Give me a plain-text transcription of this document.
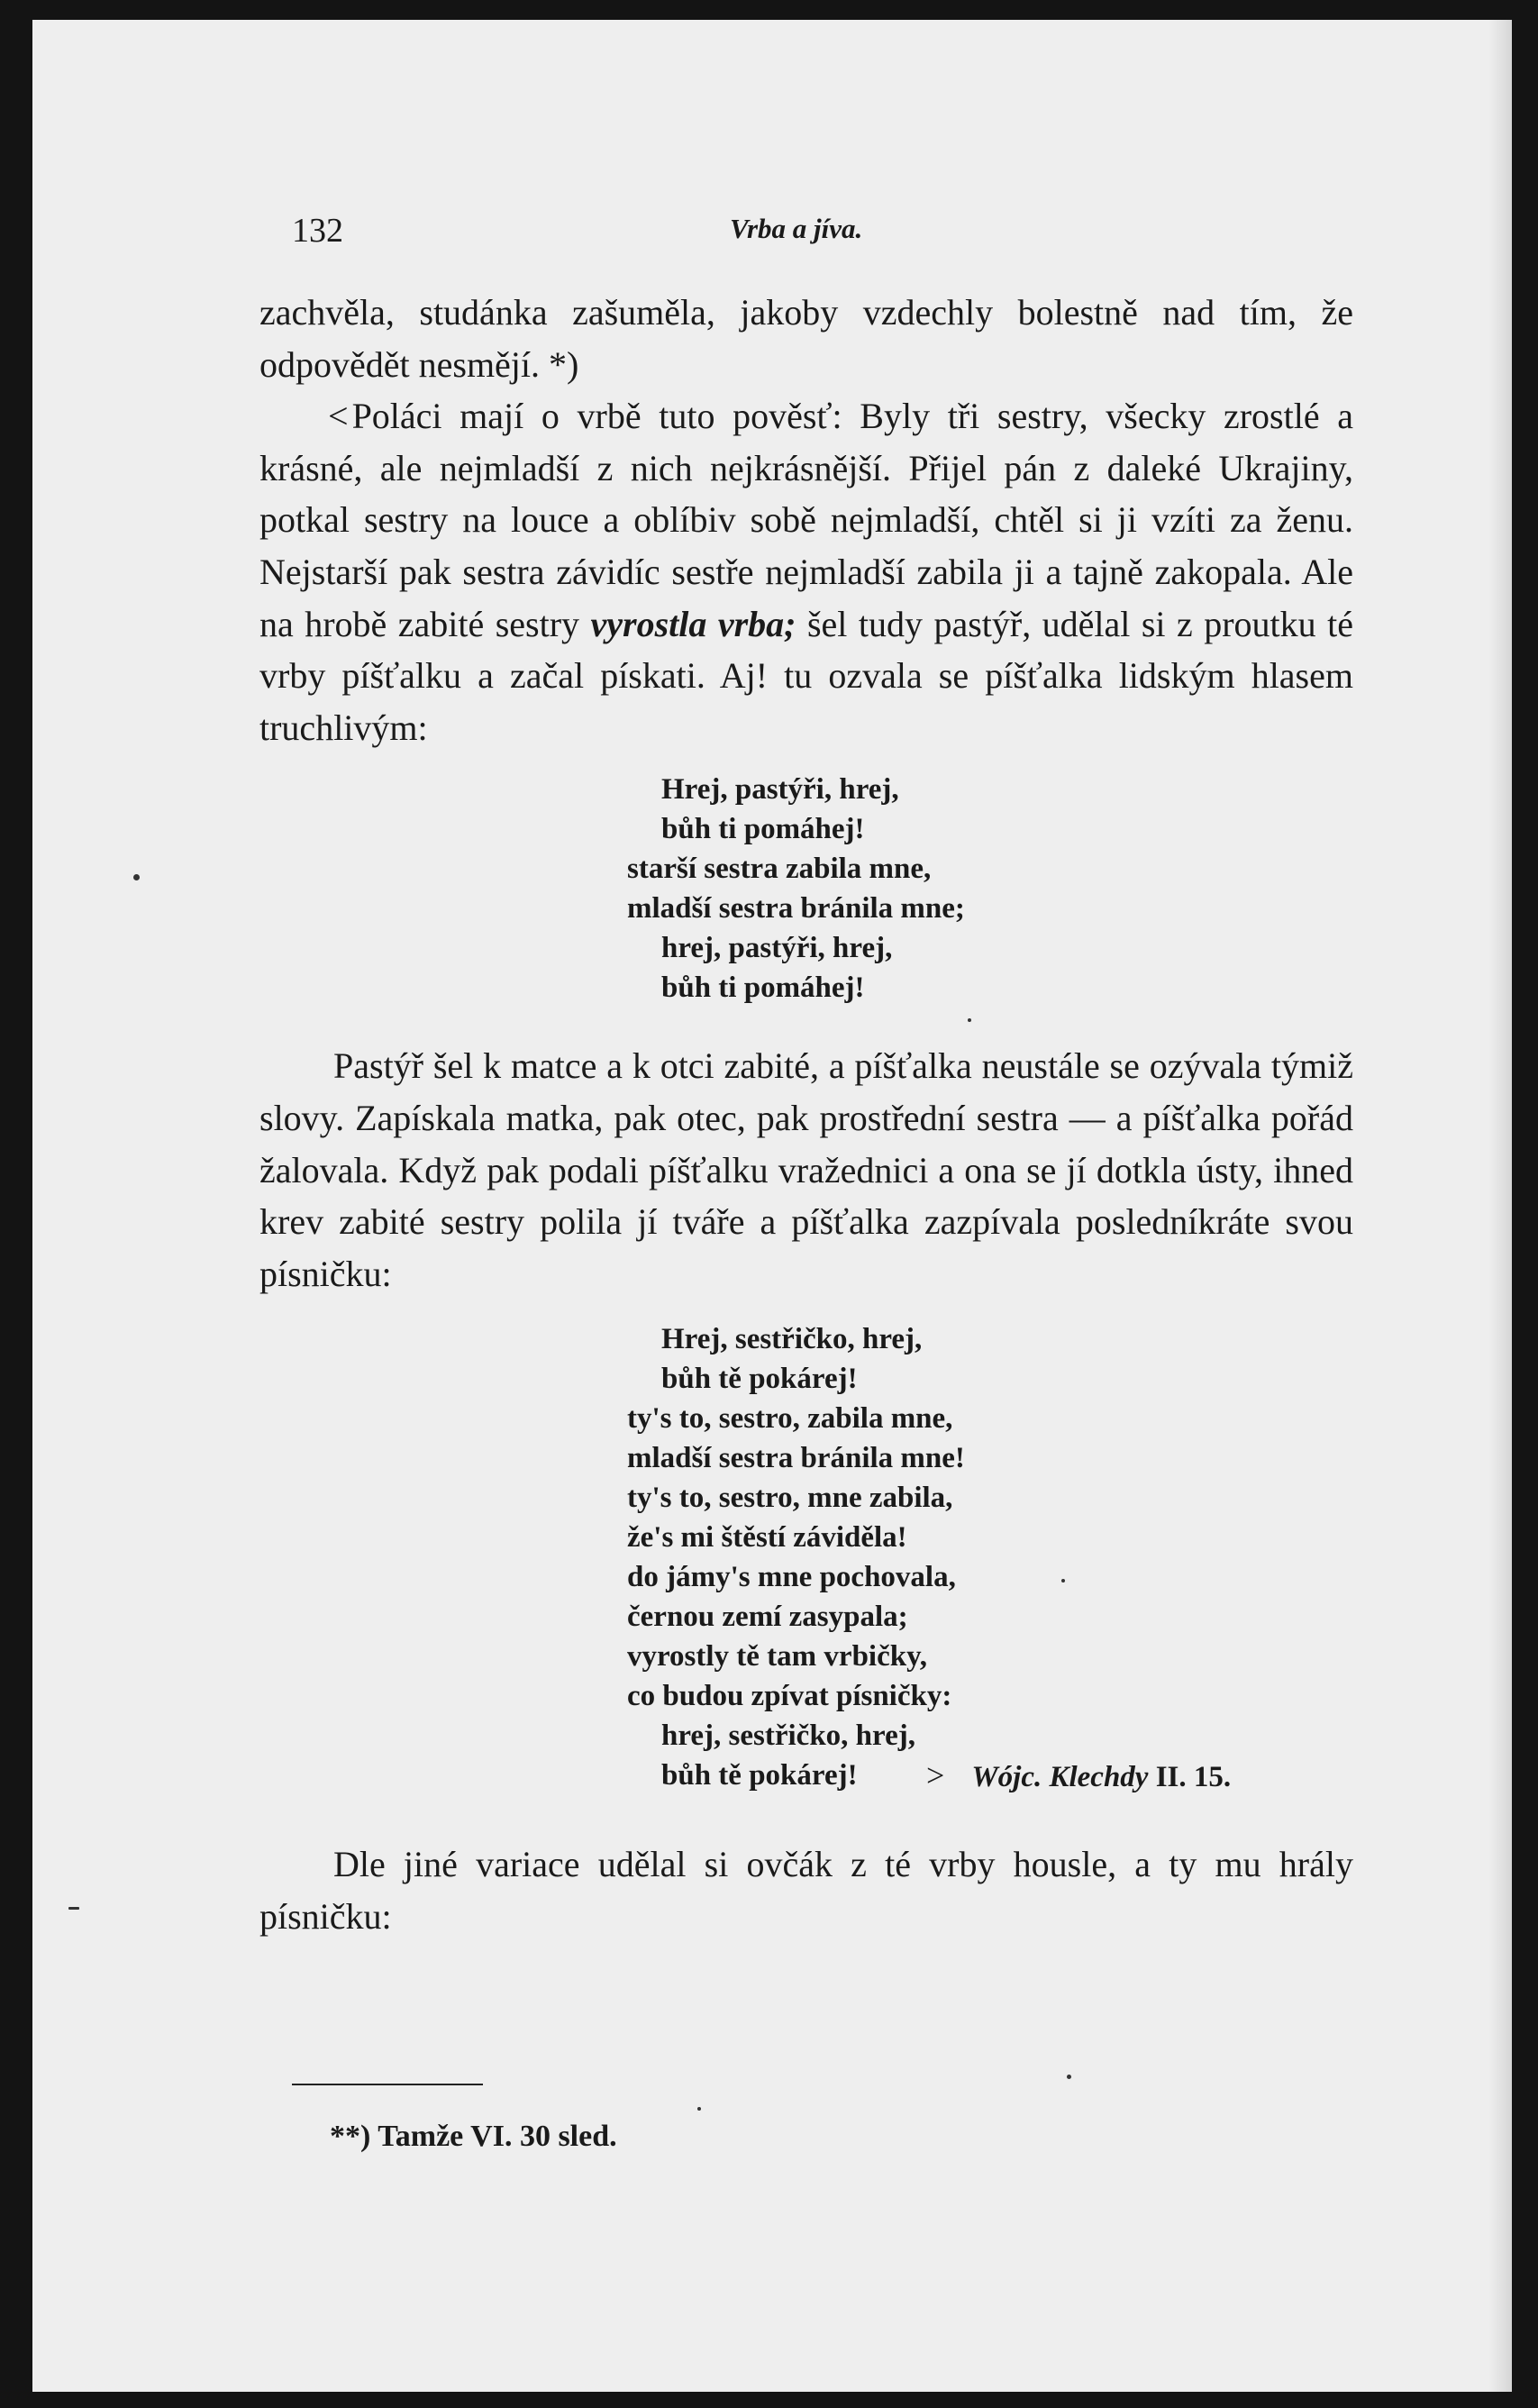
132	Vrba a jíva.

zachvěla, studánka zašuměla, jakoby vzdechly bolestně nad tím, že odpovědět nesmějí. *)

< Poláci mají o vrbě tuto pověsť: Byly tři sestry, všecky zrostlé a krásné, ale nejmladší z nich nejkrásnější. Přijel pán z daleké Ukrajiny, potkal sestry na louce a oblíbiv sobě nejmladší, chtěl si ji vzíti za ženu. Nejstarší pak sestra závidíc sestře nejmladší zabila ji a tajně zakopala. Ale na hrobě zabité sestry vyrostla vrba; šel tudy pastýř, udělal si z proutku té vrby píšťalku a začal pískati. Aj! tu ozvala se píšťalka lidským hlasem truchlivým:

Hrej, pastýři, hrej,
bůh ti pomáhej!
starší sestra zabila mne,
mladší sestra bránila mne;
hrej, pastýři, hrej,
bůh ti pomáhej!

Pastýř šel k matce a k otci zabité, a píšťalka neustále se ozývala týmiž slovy. Zapískala matka, pak otec, pak prostřední sestra — a píšťalka pořád žalovala. Když pak podali píšťalku vražednici a ona se jí dotkla ústy, ihned krev zabité sestry polila jí tváře a píšťalka zazpívala posledníkráte svou písničku:

Hrej, sestřičko, hrej,
bůh tě pokárej!
ty's to, sestro, zabila mne,
mladší sestra bránila mne!
ty's to, sestro, mne zabila,
že's mi štěstí záviděla!
do jámy's mne pochovala,
černou zemí zasypala;
vyrostly tě tam vrbičky,
co budou zpívat písničky:
hrej, sestřičko, hrej,
bůh tě pokárej! > Wójc. Klechdy II. 15.

Dle jiné variace udělal si ovčák z té vrby housle, a ty mu hrály písničku:

**) Tamže VI. 30 sled.
